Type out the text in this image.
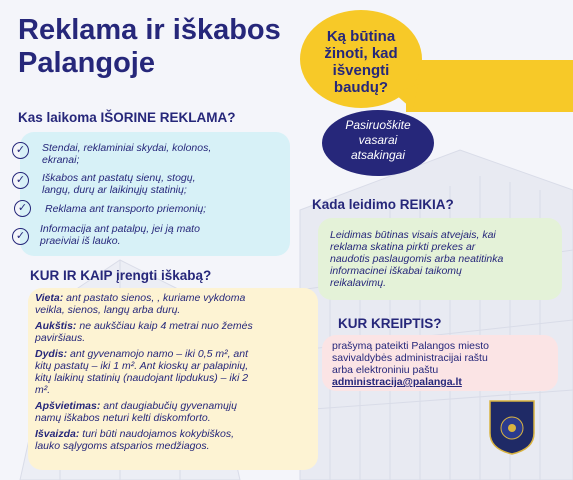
Reklama ir iškabos
Palangoje
Ką būtina
žinoti, kad
išvengti
baudų?
Pasiruoškite
vasarai
atsakingai
Kas laikoma IŠORINE REKLAMA?
✓	Stendai, reklaminiai skydai, kolonos,
ekranai;
✓	Iškabos ant pastatų sienų, stogų,
langų, durų ar laikinųjų statinių;
✓	Reklama ant transporto priemonių;
✓
Informacija ant patalpų, jei ją mato
praeiviai iš lauko.
Kada leidimo REIKIA?
Leidimas būtinas visais atvejais, kai
reklama skatina pirkti prekes ar
naudotis paslaugomis arba neatitinka
informacinei iškabai taikomų
reikalavimų.
KUR IR KAIP įrengti iškabą?
Vieta: ant pastato sienos, , kuriame vykdoma
veikla, sienos, langų arba durų.
Aukštis: ne aukščiau kaip 4 metrai nuo žemės
paviršiaus.
Dydis: ant gyvenamojo namo – iki 0,5 m², ant
kitų pastatų – iki 1 m². Ant kioskų ar palapinių,
kitų laikinų statinių (naudojant lipdukus) – iki 2
m².
Apšvietimas: ant daugiabučių gyvenamųjų
namų iškabos neturi kelti diskomforto.
Išvaizda: turi būti naudojamos kokybiškos,
lauko sąlygoms atsparios medžiagos.
KUR KREIPTIS?
prašymą pateikti Palangos miesto
savivaldybės administracijai raštu
arba elektroniniu paštu
administracija@palanga.lt
